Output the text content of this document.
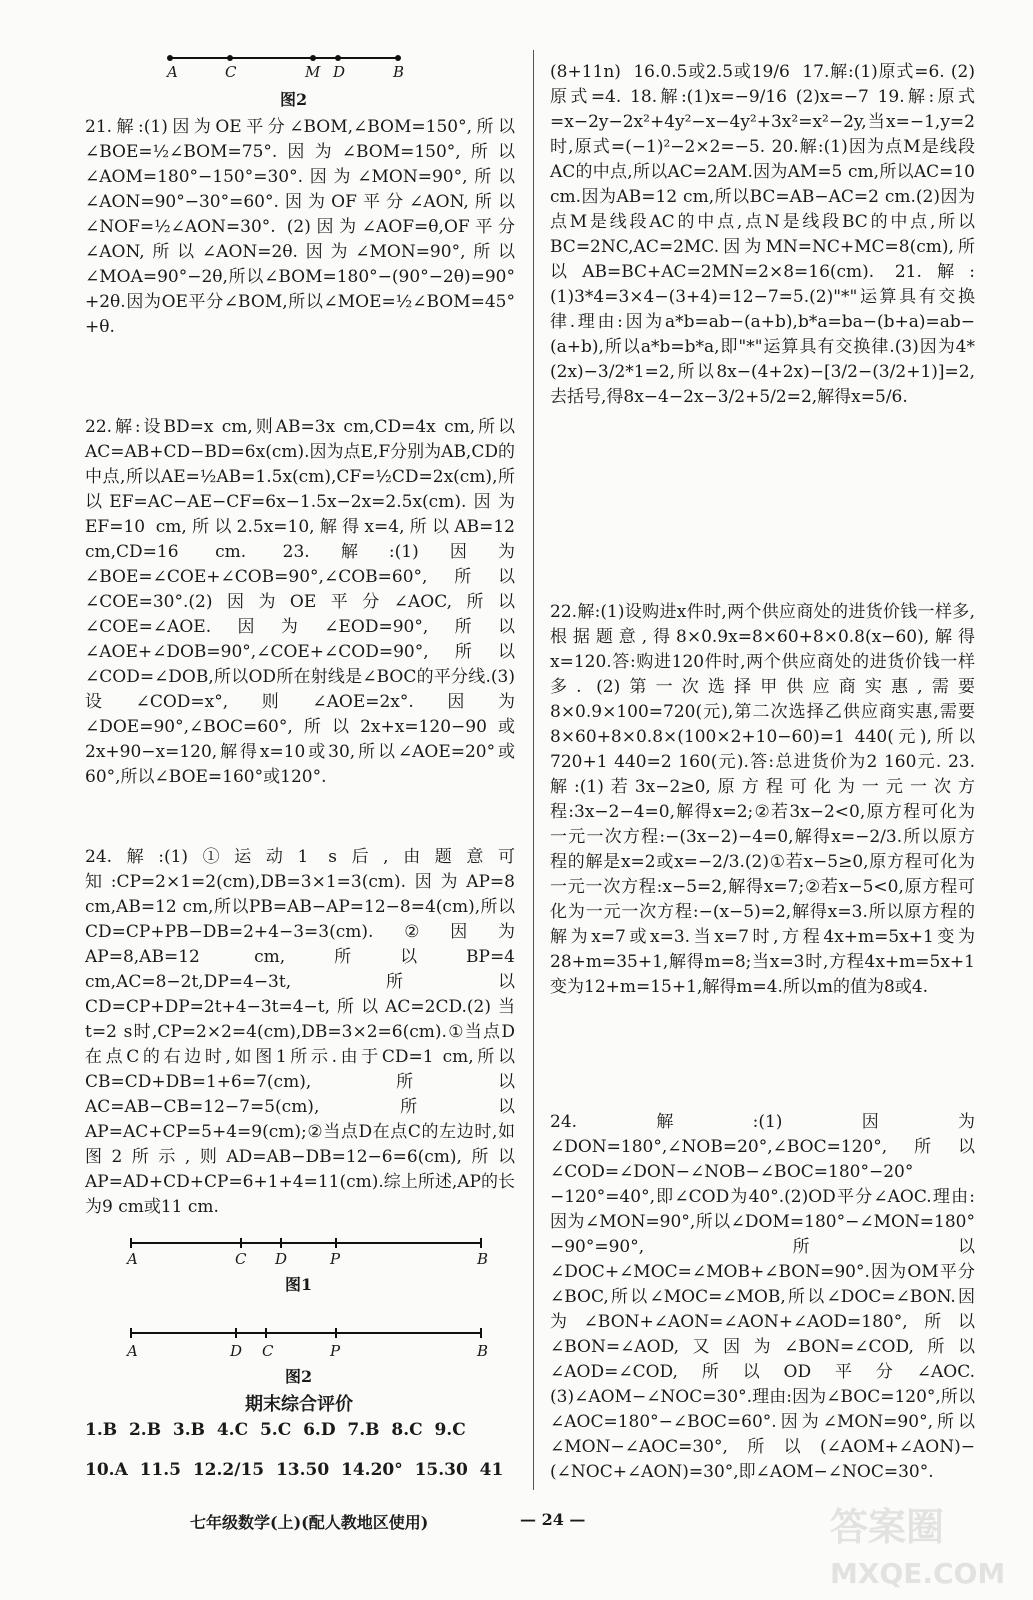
A	C	M D	B
图2
21.解:(1)因为OE平分∠BOM,∠BOM=150°,所以∠BOE=½∠BOM=75°.因为∠BOM=150°,所以∠AOM=180°−150°=30°.因为∠MON=90°,所以∠AON=90°−30°=60°.因为OF平分∠AON,所以∠NOF=½∠AON=30°. (2)因为∠AOF=θ,OF平分∠AON,所以∠AON=2θ.因为∠MON=90°,所以∠MOA=90°−2θ,所以∠BOM=180°−(90°−2θ)=90°+2θ.因为OE平分∠BOM,所以∠MOE=½∠BOM=45°+θ.
22.解:设BD=x cm,则AB=3x cm,CD=4x cm,所以AC=AB+CD−BD=6x(cm).因为点E,F分别为AB,CD的中点,所以AE=½AB=1.5x(cm),CF=½CD=2x(cm),所以EF=AC−AE−CF=6x−1.5x−2x=2.5x(cm).因为EF=10 cm,所以2.5x=10,解得x=4,所以AB=12 cm,CD=16 cm. 23.解:(1)因为∠BOE=∠COE+∠COB=90°,∠COB=60°,所以∠COE=30°.(2)因为OE平分∠AOC,所以∠COE=∠AOE.因为∠EOD=90°,所以∠AOE+∠DOB=90°,∠COE+∠COD=90°,所以∠COD=∠DOB,所以OD所在射线是∠BOC的平分线.(3)设∠COD=x°,则∠AOE=2x°.因为∠DOE=90°,∠BOC=60°,所以2x+x=120−90或2x+90−x=120,解得x=10或30,所以∠AOE=20°或60°,所以∠BOE=160°或120°.
24.解:(1)①运动1 s后,由题意可知:CP=2×1=2(cm),DB=3×1=3(cm).因为AP=8 cm,AB=12 cm,所以PB=AB−AP=12−8=4(cm),所以CD=CP+PB−DB=2+4−3=3(cm).②因为AP=8,AB=12 cm,所以BP=4 cm,AC=8−2t,DP=4−3t,所以CD=CP+DP=2t+4−3t=4−t,所以AC=2CD.(2)当t=2 s时,CP=2×2=4(cm),DB=3×2=6(cm).①当点D在点C的右边时,如图1所示.由于CD=1 cm,所以CB=CD+DB=1+6=7(cm),所以AC=AB−CB=12−7=5(cm),所以AP=AC+CP=5+4=9(cm);②当点D在点C的左边时,如图2所示,则AD=AB−DB=12−6=6(cm),所以AP=AD+CD+CP=6+1+4=11(cm).综上所述,AP的长为9 cm或11 cm.
A	C D	P	B
图1
A	D C	P	B
图2
期末综合评价
1.B  2.B  3.B  4.C  5.C  6.D  7.B  8.C  9.C
10.A  11.5  12.2/15  13.50  14.20°  15.30  41
(8+11n)  16.0.5或2.5或19/6  17.解:(1)原式=6. (2)原式=4. 18.解:(1)x=−9/16 (2)x=−7 19.解:原式=x−2y−2x²+4y²−x−4y²+3x²=x²−2y,当x=−1,y=2时,原式=(−1)²−2×2=−5. 20.解:(1)因为点M是线段AC的中点,所以AC=2AM.因为AM=5 cm,所以AC=10 cm.因为AB=12 cm,所以BC=AB−AC=2 cm.(2)因为点M是线段AC的中点,点N是线段BC的中点,所以BC=2NC,AC=2MC.因为MN=NC+MC=8(cm),所以AB=BC+AC=2MN=2×8=16(cm). 21.解:(1)3*4=3×4−(3+4)=12−7=5.(2)"*"运算具有交换律.理由:因为a*b=ab−(a+b),b*a=ba−(b+a)=ab−(a+b),所以a*b=b*a,即"*"运算具有交换律.(3)因为4*(2x)−3/2*1=2,所以8x−(4+2x)−[3/2−(3/2+1)]=2,去括号,得8x−4−2x−3/2+5/2=2,解得x=5/6.
22.解:(1)设购进x件时,两个供应商处的进货价钱一样多,根据题意,得8×0.9x=8×60+8×0.8(x−60),解得x=120.答:购进120件时,两个供应商处的进货价钱一样多. (2)第一次选择甲供应商实惠,需要8×0.9×100=720(元),第二次选择乙供应商实惠,需要8×60+8×0.8×(100×2+10−60)=1 440(元),所以720+1 440=2 160(元).答:总进货价为2 160元. 23.解:(1)若3x−2≥0,原方程可化为一元一次方程:3x−2−4=0,解得x=2;②若3x−2<0,原方程可化为一元一次方程:−(3x−2)−4=0,解得x=−2/3.所以原方程的解是x=2或x=−2/3.(2)①若x−5≥0,原方程可化为一元一次方程:x−5=2,解得x=7;②若x−5<0,原方程可化为一元一次方程:−(x−5)=2,解得x=3.所以原方程的解为x=7或x=3.当x=7时,方程4x+m=5x+1变为28+m=35+1,解得m=8;当x=3时,方程4x+m=5x+1变为12+m=15+1,解得m=4.所以m的值为8或4.
24.解:(1)因为∠DON=180°,∠NOB=20°,∠BOC=120°,所以∠COD=∠DON−∠NOB−∠BOC=180°−20°−120°=40°,即∠COD为40°.(2)OD平分∠AOC.理由:因为∠MON=90°,所以∠DOM=180°−∠MON=180°−90°=90°,所以∠DOC+∠MOC=∠MOB+∠BON=90°.因为OM平分∠BOC,所以∠MOC=∠MOB,所以∠DOC=∠BON.因为∠BON+∠AON=∠AON+∠AOD=180°,所以∠BON=∠AOD,又因为∠BON=∠COD,所以∠AOD=∠COD,所以OD平分∠AOC.(3)∠AOM−∠NOC=30°.理由:因为∠BOC=120°,所以∠AOC=180°−∠BOC=60°.因为∠MON=90°,所以∠MON−∠AOC=30°,所以(∠AOM+∠AON)−(∠NOC+∠AON)=30°,即∠AOM−∠NOC=30°.
七年级数学(上)(配人教地区使用)	— 24 —	答案圈
MXQE.COM
